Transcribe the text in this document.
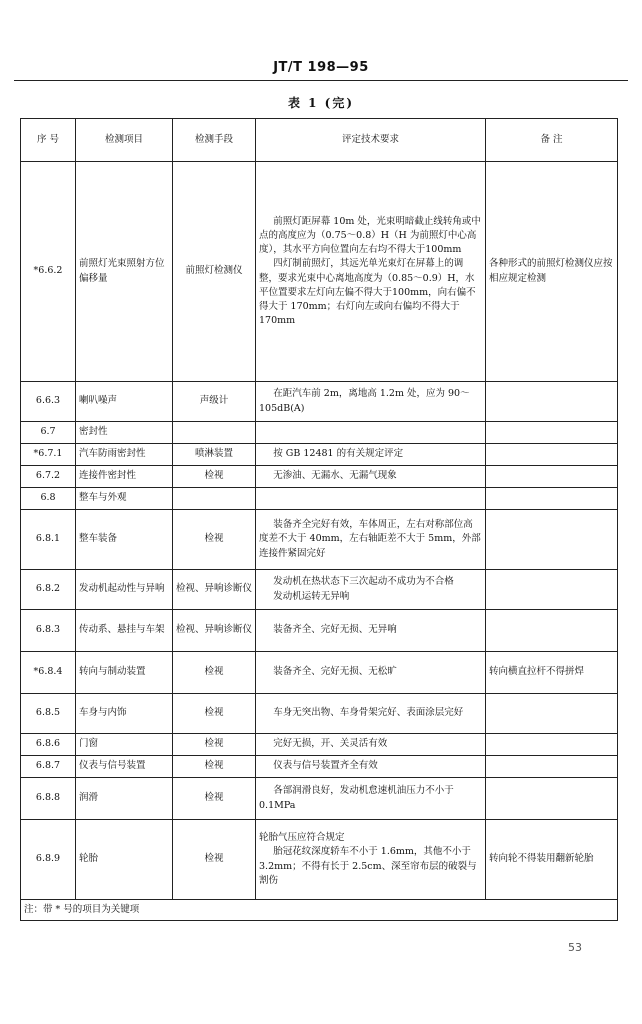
JT/T 198—95
表 1 (完)
序 号	检测项目	检测手段	评定技术要求	备 注
*6.6.2	前照灯光束照射方位偏移量	前照灯检测仪	前照灯距屏幕 10m 处，光束明暗截止线转角或中点的高度应为（0.75～0.8）H（H 为前照灯中心高度），其水平方向位置向左右均不得大于100mm

四灯制前照灯，其远光单光束灯在屏幕上的调整，要求光束中心离地高度为（0.85～0.9）H，水平位置要求左灯向左偏不得大于100mm，向右偏不得大于 170mm；右灯向左或向右偏均不得大于 170mm	各种形式的前照灯检测仪应按相应规定检测
6.6.3	喇叭噪声	声级计	在距汽车前 2m，离地高 1.2m 处，应为 90～105dB(A)	

6.7	密封性		

*6.7.1	汽车防雨密封性	喷淋装置	按 GB 12481 的有关规定评定	

6.7.2	连接件密封性	检视	无渗油、无漏水、无漏气现象	

6.8	整车与外观		

6.8.1	整车装备	检视	装备齐全完好有效，车体周正，左右对称部位高度差不大于 40mm，左右轴距差不大于 5mm，外部连接件紧固完好	

6.8.2	发动机起动性与异响	检视、异响诊断仪	发动机在热状态下三次起动不成功为不合格

发动机运转无异响	

6.8.3	传动系、悬挂与车架	检视、异响诊断仪	装备齐全、完好无损、无异响	

*6.8.4	转向与制动装置	检视	装备齐全、完好无损、无松旷	转向横直拉杆不得拼焊
6.8.5	车身与内饰	检视	车身无突出物、车身骨架完好、表面涂层完好	

6.8.6	门窗	检视	完好无损，开、关灵活有效	

6.8.7	仪表与信号装置	检视	仪表与信号装置齐全有效	

6.8.8	润滑	检视	各部润滑良好，发动机怠速机油压力不小于0.1MPa	

6.8.9	轮胎	检视	轮胎气压应符合规定

胎冠花纹深度轿车不小于 1.6mm，其他不小于 3.2mm；不得有长于 2.5cm、深至帘布层的破裂与割伤	转向轮不得装用翻新轮胎
注：带 * 号的项目为关键项				
53
